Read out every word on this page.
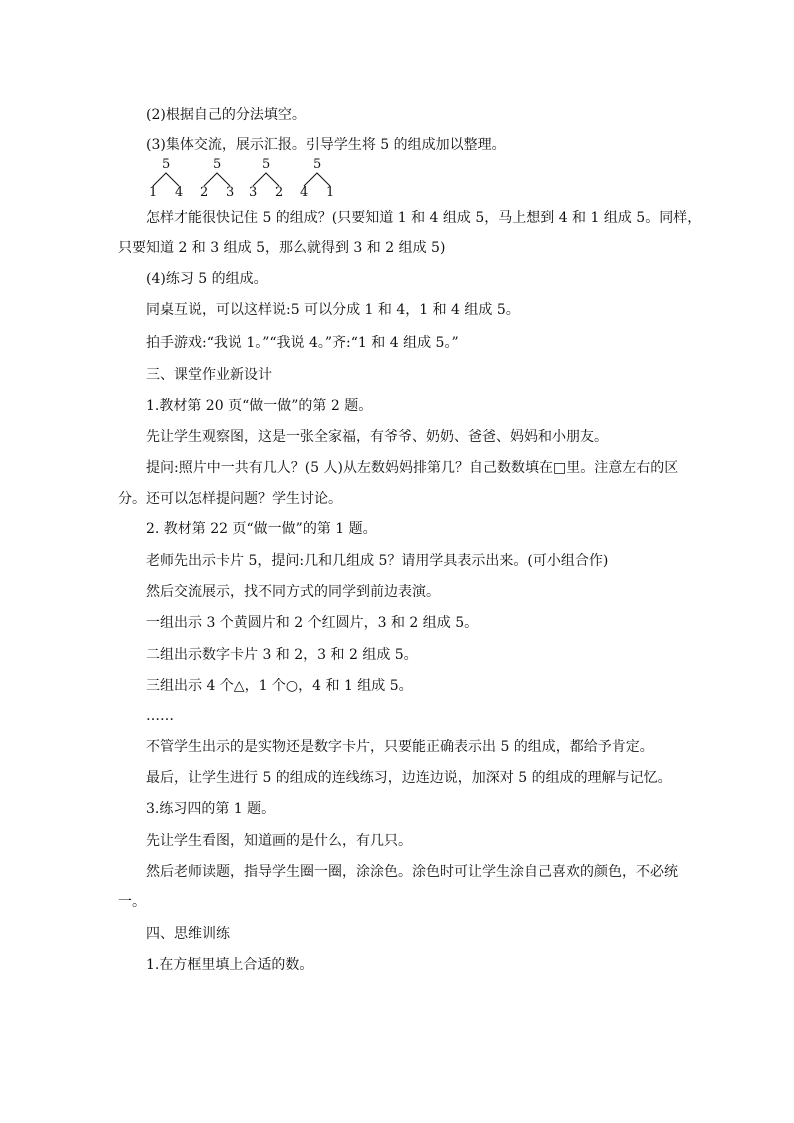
(2)根据自己的分法填空。
(3)集体交流，展示汇报。引导学生将 5 的组成加以整理。
5
1 4
5
2 3
5
3 2
5
4 1
怎样才能很快记住 5 的组成？(只要知道 1 和 4 组成 5，马上想到 4 和 1 组成 5。同样，
只要知道 2 和 3 组成 5，那么就得到 3 和 2 组成 5)
(4)练习 5 的组成。
同桌互说，可以这样说:5 可以分成 1 和 4，1 和 4 组成 5。
拍手游戏:“我说 1。”“我说 4。”齐:“1 和 4 组成 5。”
三、课堂作业新设计
1.教材第 20 页“做一做”的第 2 题。
先让学生观察图，这是一张全家福，有爷爷、奶奶、爸爸、妈妈和小朋友。
提问:照片中一共有几人？(5 人)从左数妈妈排第几？自己数数填在□里。注意左右的区
分。还可以怎样提问题？学生讨论。
2. 教材第 22 页“做一做”的第 1 题。
老师先出示卡片 5，提问:几和几组成 5？请用学具表示出来。(可小组合作)
然后交流展示，找不同方式的同学到前边表演。
一组出示 3 个黄圆片和 2 个红圆片，3 和 2 组成 5。
二组出示数字卡片 3 和 2，3 和 2 组成 5。
三组出示 4 个△，1 个○，4 和 1 组成 5。
……
不管学生出示的是实物还是数字卡片，只要能正确表示出 5 的组成，都给予肯定。
最后，让学生进行 5 的组成的连线练习，边连边说，加深对 5 的组成的理解与记忆。
3.练习四的第 1 题。
先让学生看图，知道画的是什么，有几只。
然后老师读题，指导学生圈一圈，涂涂色。涂色时可让学生涂自己喜欢的颜色，不必统
一。
四、思维训练
1.在方框里填上合适的数。
